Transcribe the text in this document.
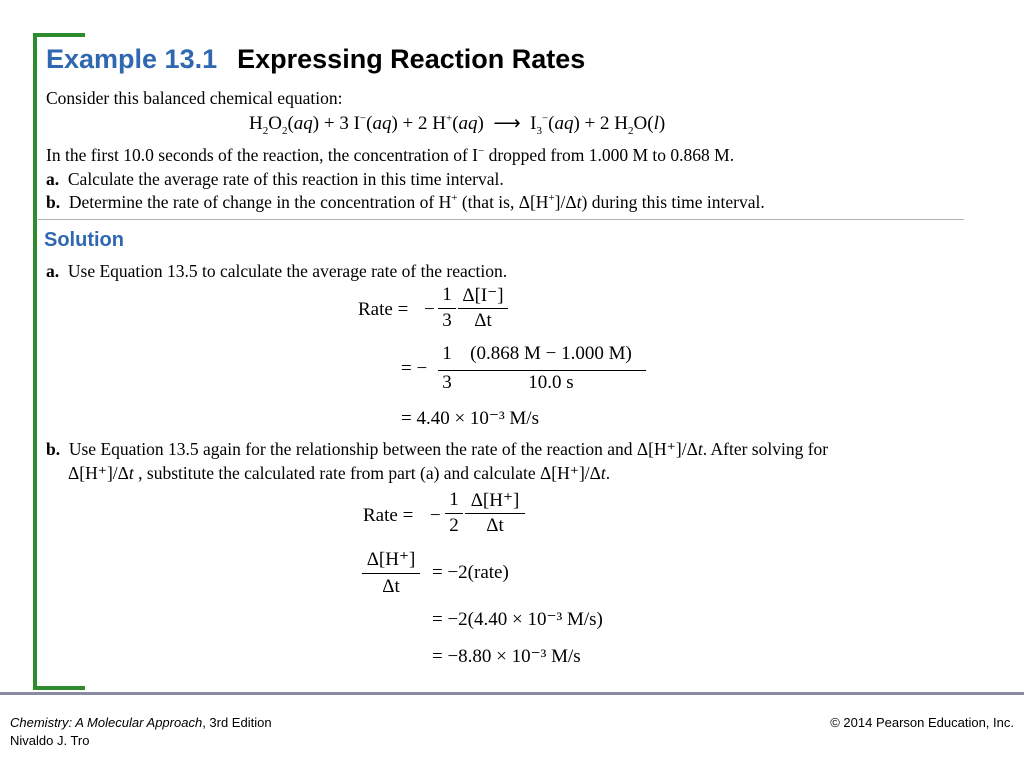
Example 13.1 Expressing Reaction Rates
Consider this balanced chemical equation:
$H_2O_2(aq) + 3$ I−(aq) + 2 H+(aq)  ⟶  $I_3^-(aq) + 2$ $H_2O(l)$
In the first 10.0 seconds of the reaction, the concentration of I− dropped from 1.000 M to 0.868 M.
a. Calculate the average rate of this reaction in this time interval.
b. Determine the rate of change in the concentration of H+ (that is, Δ[H+]/Δt) during this time interval.
Solution
a. Use Equation 13.5 to calculate the average rate of the reaction.
Rate = −
1
3
Δ[I⁻]
Δt
= −
1
3
(0.868 M − 1.000 M)
10.0 s
= 4.40 × 10⁻³ M/s
b. Use Equation 13.5 again for the relationship between the rate of the reaction and Δ[H⁺]/Δt. After solving for
Δ[H⁺]/Δt , substitute the calculated rate from part (a) and calculate Δ[H⁺]/Δt.
Rate = −
1
2
Δ[H⁺]
Δt
Δ[H⁺]
Δt
= −2(rate)
= −2(4.40 × 10⁻³ M/s)
= −8.80 × 10⁻³ M/s
Chemistry: A Molecular Approach, 3rd Edition
Nivaldo J. Tro
© 2014 Pearson Education, Inc.
